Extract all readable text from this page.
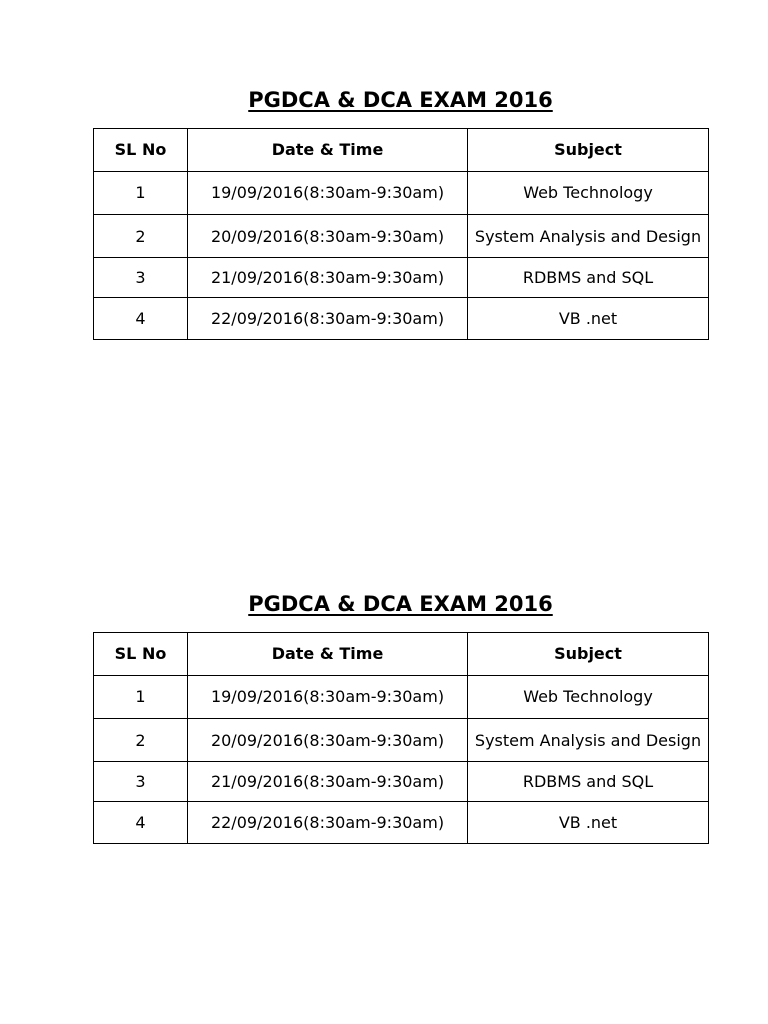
PGDCA & DCA EXAM 2016
SL No	Date & Time	Subject
1	19/09/2016(8:30am-9:30am)	Web Technology
2	20/09/2016(8:30am-9:30am)	System Analysis and Design
3	21/09/2016(8:30am-9:30am)	RDBMS and SQL
4	22/09/2016(8:30am-9:30am)	VB .net
PGDCA & DCA EXAM 2016
SL No	Date & Time	Subject
1	19/09/2016(8:30am-9:30am)	Web Technology
2	20/09/2016(8:30am-9:30am)	System Analysis and Design
3	21/09/2016(8:30am-9:30am)	RDBMS and SQL
4	22/09/2016(8:30am-9:30am)	VB .net
